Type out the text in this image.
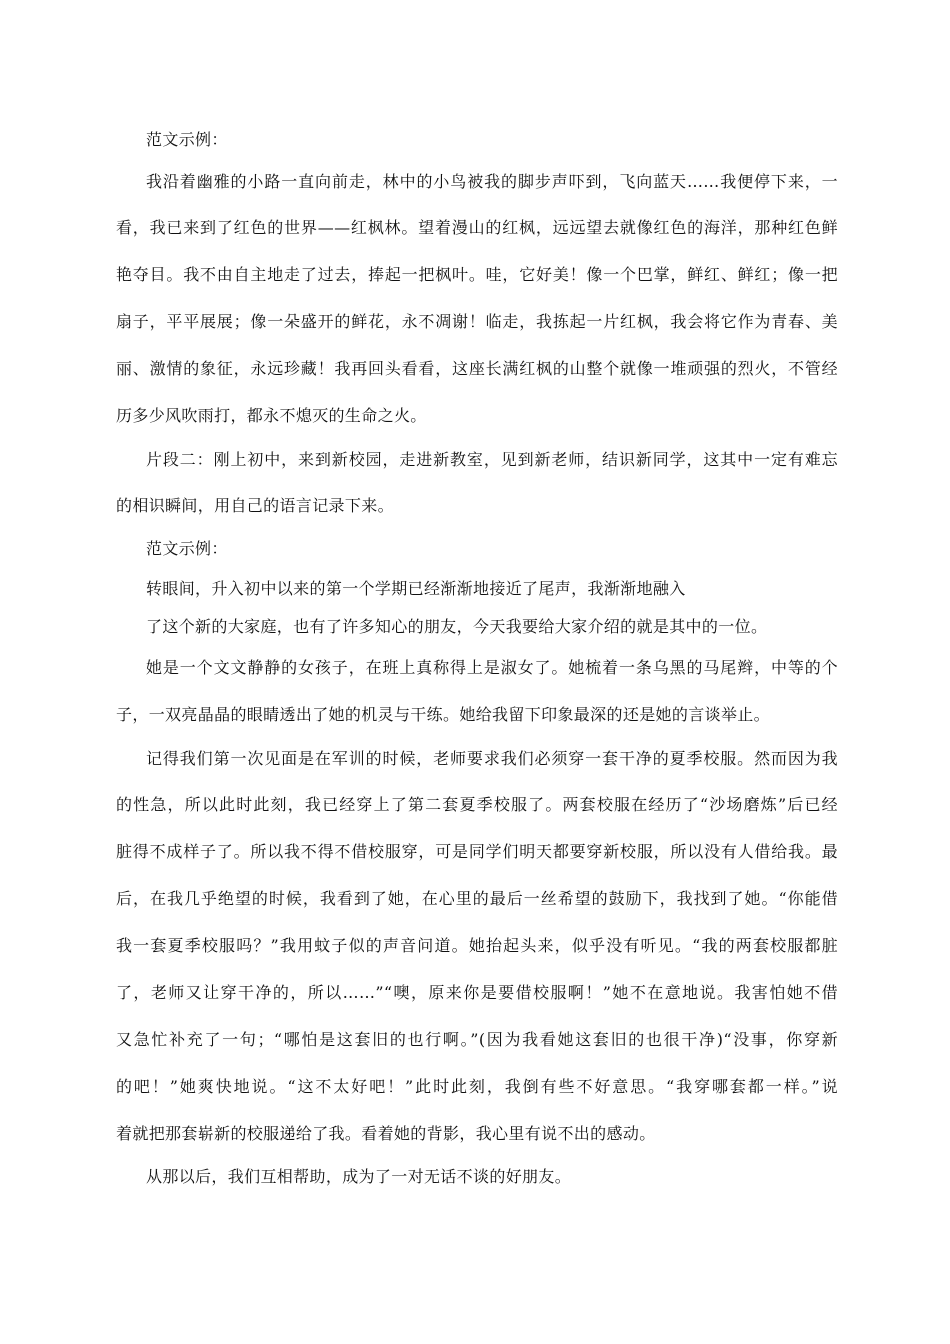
范文示例：
我沿着幽雅的小路一直向前走，林中的小鸟被我的脚步声吓到，飞向蓝天……我便停下来，一
看，我已来到了红色的世界——红枫林。望着漫山的红枫，远远望去就像红色的海洋，那种红色鲜
艳夺目。我不由自主地走了过去，捧起一把枫叶。哇，它好美！像一个巴掌，鲜红、鲜红；像一把
扇子，平平展展；像一朵盛开的鲜花，永不凋谢！临走，我拣起一片红枫，我会将它作为青春、美
丽、激情的象征，永远珍藏！我再回头看看，这座长满红枫的山整个就像一堆顽强的烈火，不管经
历多少风吹雨打，都永不熄灭的生命之火。
片段二：刚上初中，来到新校园，走进新教室，见到新老师，结识新同学，这其中一定有难忘
的相识瞬间，用自己的语言记录下来。
范文示例：
转眼间，升入初中以来的第一个学期已经渐渐地接近了尾声，我渐渐地融入
了这个新的大家庭，也有了许多知心的朋友，今天我要给大家介绍的就是其中的一位。
她是一个文文静静的女孩子，在班上真称得上是淑女了。她梳着一条乌黑的马尾辫，中等的个
子，一双亮晶晶的眼睛透出了她的机灵与干练。她给我留下印象最深的还是她的言谈举止。
记得我们第一次见面是在军训的时候，老师要求我们必须穿一套干净的夏季校服。然而因为我
的性急，所以此时此刻，我已经穿上了第二套夏季校服了。两套校服在经历了“沙场磨炼”后已经
脏得不成样子了。所以我不得不借校服穿，可是同学们明天都要穿新校服，所以没有人借给我。最
后，在我几乎绝望的时候，我看到了她，在心里的最后一丝希望的鼓励下，我找到了她。“你能借
我一套夏季校服吗？”我用蚊子似的声音问道。她抬起头来，似乎没有听见。“我的两套校服都脏
了，老师又让穿干净的，所以……”“噢，原来你是要借校服啊！”她不在意地说。我害怕她不借
又急忙补充了一句；“哪怕是这套旧的也行啊。”(因为我看她这套旧的也很干净)“没事，你穿新
的吧！”她爽快地说。“这不太好吧！”此时此刻，我倒有些不好意思。“我穿哪套都一样。”说
着就把那套崭新的校服递给了我。看着她的背影，我心里有说不出的感动。
从那以后，我们互相帮助，成为了一对无话不谈的好朋友。
